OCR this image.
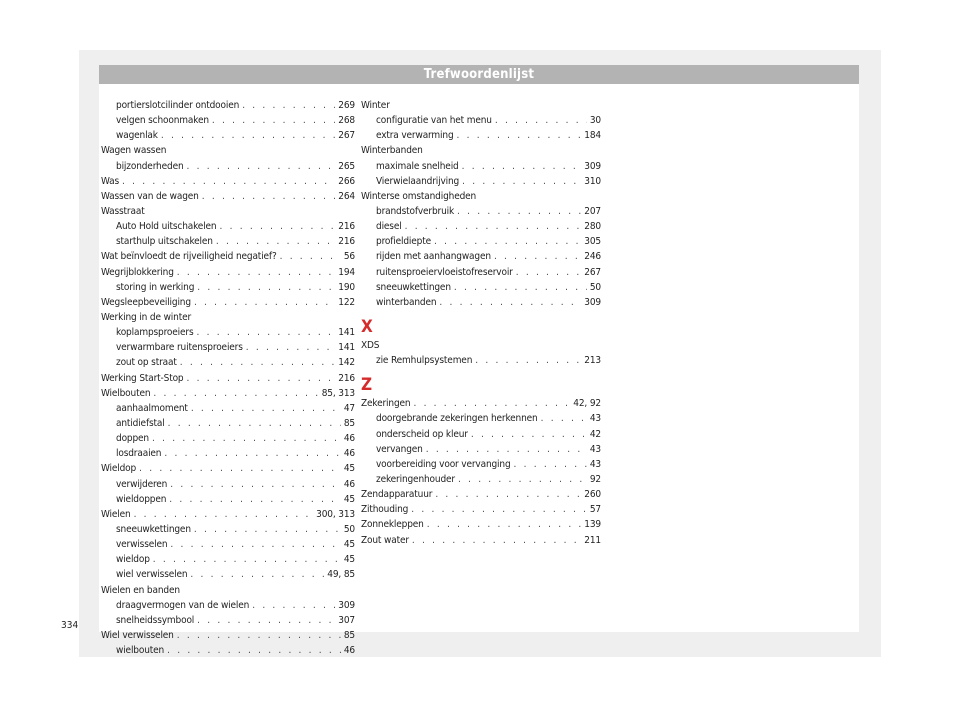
Trefwoordenlijst
portierslotcilinder ontdooien . . .	269
velgen schoonmaken . . .	268
wagenlak . . .	267
Wagen wassen
bijzonderheden . . .	265
Was . . .	266
Wassen van de wagen . . .	264
Wasstraat
Auto Hold uitschakelen . . .	216
starthulp uitschakelen . . .	216
Wat beïnvloedt de rijveiligheid negatief? . . .	56
Wegrijblokkering . . .	194
storing in werking . . .	190
Wegsleepbeveiliging . . .	122
Werking in de winter
koplampsproeiers . . .	141
verwarmbare ruitensproeiers . . .	141
zout op straat . . .	142
Werking Start-Stop . . .	216
Wielbouten . . .	85, 313
aanhaalmoment . . .	47
antidiefstal . . .	85
doppen . . .	46
losdraaien . . .	46
Wieldop . . .	45
verwijderen . . .	46
wieldoppen . . .	45
Wielen . . .	300, 313
sneeuwkettingen . . .	50
verwisselen . . .	45
wieldop . . .	45
wiel verwisselen . . .	49, 85
Wielen en banden
draagvermogen van de wielen . . .	309
snelheidssymbool . . .	307
Wiel verwisselen . . .	85
wielbouten . . .	46
Winter
configuratie van het menu . . .	30
extra verwarming . . .	184
Winterbanden
maximale snelheid . . .	309
Vierwielaandrijving . . .	310
Winterse omstandigheden
brandstofverbruik . . .	207
diesel . . .	280
profieldiepte . . .	305
rijden met aanhangwagen . . .	246
ruitensproeiervloeistofreservoir . . .	267
sneeuwkettingen . . .	50
winterbanden . . .	309
X
XDS
zie Remhulpsystemen . . .	213
Z
Zekeringen . . .	42, 92
doorgebrande zekeringen herkennen . . .	43
onderscheid op kleur . . .	42
vervangen . . .	43
voorbereiding voor vervanging . . .	43
zekeringenhouder . . .	92
Zendapparatuur . . .	260
Zithouding . . .	57
Zonnekleppen . . .	139
Zout water . . .	211
334
